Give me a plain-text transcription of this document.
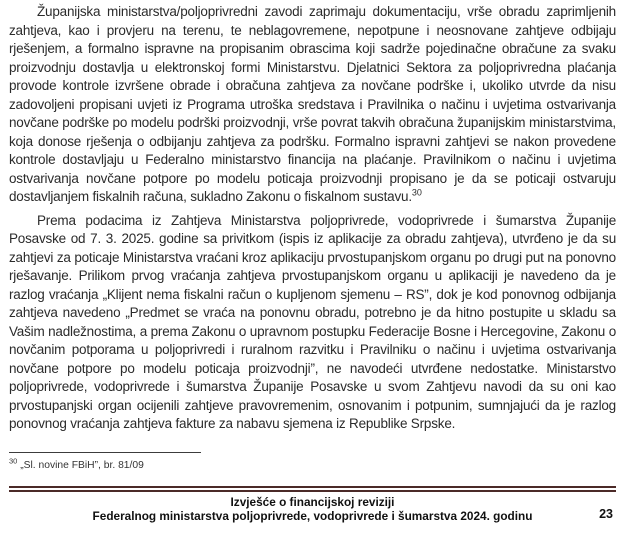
Županijska ministarstva/poljoprivredni zavodi zaprimaju dokumentaciju, vrše obradu zaprimljenih zahtjeva, kao i provjeru na terenu, te neblagovremene, nepotpune i neosnovane zahtjeve odbijaju rješenjem, a formalno ispravne na propisanim obrascima koji sadrže pojedinačne obračune za svaku proizvodnju dostavlja u elektronskoj formi Ministarstvu. Djelatnici Sektora za poljoprivredna plaćanja provode kontrole izvršene obrade i obračuna zahtjeva za novčane podrške i, ukoliko utvrde da nisu zadovoljeni propisani uvjeti iz Programa utroška sredstava i Pravilnika o načinu i uvjetima ostvarivanja novčane podrške po modelu podrški proizvodnji, vrše povrat takvih obračuna županijskim ministarstvima, koja donose rješenja o odbijanju zahtjeva za podršku. Formalno ispravni zahtjevi se nakon provedene kontrole dostavljaju u Federalno ministarstvo financija na plaćanje. Pravilnikom o načinu i uvjetima ostvarivanja novčane potpore po modelu poticaja proizvodnji propisano je da se poticaji ostvaruju dostavljanjem fiskalnih računa, sukladno Zakonu o fiskalnom sustavu.$^{30}$

Prema podacima iz Zahtjeva Ministarstva poljoprivrede, vodoprivrede i šumarstva Županije Posavske od 7. 3. 2025. godine sa privitkom (ispis iz aplikacije za obradu zahtjeva), utvrđeno je da su zahtjevi za poticaje Ministarstva vraćani kroz aplikaciju prvostupanjskom organu po drugi put na ponovno rješavanje. Prilikom prvog vraćanja zahtjeva prvostupanjskom organu u aplikaciji je navedeno da je razlog vraćanja „Klijent nema fiskalni račun o kupljenom sjemenu – RS”, dok je kod ponovnog odbijanja zahtjeva navedeno „Predmet se vraća na ponovnu obradu, potrebno je da hitno postupite u skladu sa Vašim nadležnostima, a prema Zakonu o upravnom postupku Federacije Bosne i Hercegovine, Zakonu o novčanim potporama u poljoprivredi i ruralnom razvitku i Pravilniku o načinu i uvjetima ostvarivanja novčane potpore po modelu poticaja proizvodnji”, ne navodeći utvrđene nedostatke. Ministarstvo poljoprivrede, vodoprivrede i šumarstva Županije Posavske u svom Zahtjevu navodi da su oni kao prvostupanjski organ ocijenili zahtjeve pravovremenim, osnovanim i potpunim, sumnjajući da je razlog ponovnog vraćanja zahtjeva fakture za nabavu sjemena iz Republike Srpske.

$^{30}$ „Sl. novine FBiH”, br. 81/09
Izvješće o financijskoj reviziji
Federalnog ministarstva poljoprivrede, vodoprivrede i šumarstva 2024. godinu	23
